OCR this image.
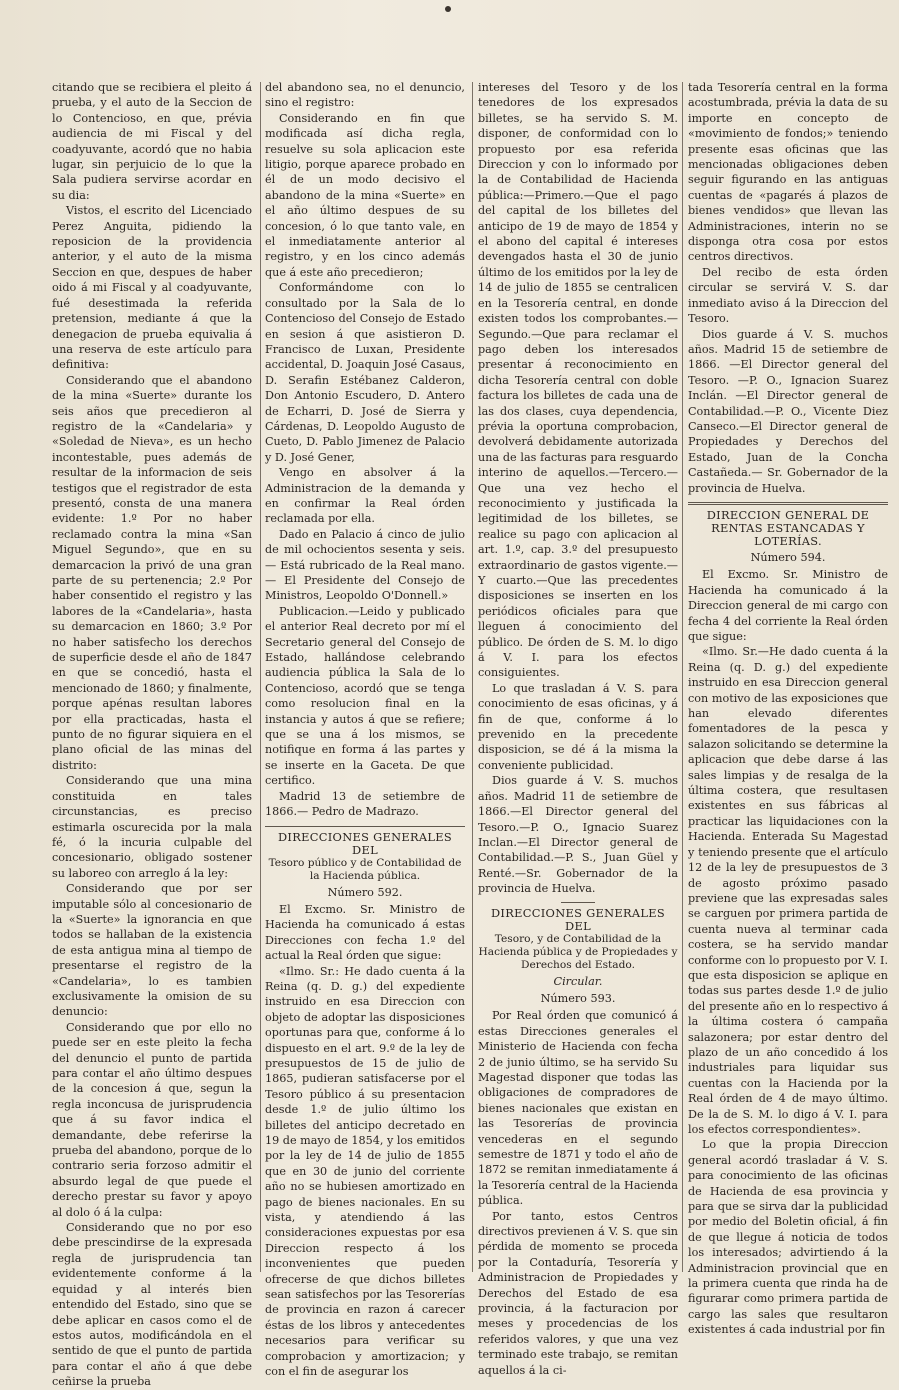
citando que se recibiera el pleito á prueba, y el auto de la Seccion de lo Contencioso, en que, prévia audiencia de mi Fiscal y del coadyuvante, acordó que no habia lugar, sin perjuicio de lo que la Sala pudiera servirse acordar en su dia:

Vistos, el escrito del Licenciado Perez Anguita, pidiendo la reposicion de la providencia anterior, y el auto de la misma Seccion en que, despues de haber oido á mi Fiscal y al coadyuvante, fué desestimada la referida pretension, mediante á que la denegacion de prueba equivalia á una reserva de este artículo para definitiva:

Considerando que el abandono de la mina «Suerte» durante los seis años que precedieron al registro de la «Candelaria» y «Soledad de Nieva», es un hecho incontestable, pues además de resultar de la informacion de seis testigos que el registrador de esta presentó, consta de una manera evidente: 1.º Por no haber reclamado contra la mina «San Miguel Segundo», que en su demarcacion la privó de una gran parte de su pertenencia; 2.º Por haber consentido el registro y las labores de la «Candelaria», hasta su demarcacion en 1860; 3.º Por no haber satisfecho los derechos de superficie desde el año de 1847 en que se concedió, hasta el mencionado de 1860; y finalmente, porque apénas resultan labores por ella practicadas, hasta el punto de no figurar siquiera en el plano oficial de las minas del distrito:

Considerando que una mina constituida en tales circunstancias, es preciso estimarla oscurecida por la mala fé, ó la incuria culpable del concesionario, obligado sostener su laboreo con arreglo á la ley:

Considerando que por ser imputable sólo al concesionario de la «Suerte» la ignorancia en que todos se hallaban de la existencia de esta antigua mina al tiempo de presentarse el registro de la «Candelaria», lo es tambien exclusivamente la omision de su denuncio:

Considerando que por ello no puede ser en este pleito la fecha del denuncio el punto de partida para contar el año último despues de la concesion á que, segun la regla inconcusa de jurisprudencia que á su favor indica el demandante, debe referirse la prueba del abandono, porque de lo contrario seria forzoso admitir el absurdo legal de que puede el derecho prestar su favor y apoyo al dolo ó á la culpa:

Considerando que no por eso debe prescindirse de la expresada regla de jurisprudencia tan evidentemente conforme á la equidad y al interés bien entendido del Estado, sino que se debe aplicar en casos como el de estos autos, modificándola en el sentido de que el punto de partida para contar el año á que debe ceñirse la prueba

del abandono sea, no el denuncio, sino el registro:

Considerando en fin que modificada así dicha regla, resuelve su sola aplicacion este litigio, porque aparece probado en él de un modo decisivo el abandono de la mina «Suerte» en el año último despues de su concesion, ó lo que tanto vale, en el inmediatamente anterior al registro, y en los cinco además que á este año precedieron;

Conformándome con lo consultado por la Sala de lo Contencioso del Consejo de Estado en sesion á que asistieron D. Francisco de Luxan, Presidente accidental, D. Joaquin José Casaus, D. Serafin Estébanez Calderon, Don Antonio Escudero, D. Antero de Echarri, D. José de Sierra y Cárdenas, D. Leopoldo Augusto de Cueto, D. Pablo Jimenez de Palacio y D. José Gener,

Vengo en absolver á la Administracion de la demanda y en confirmar la Real órden reclamada por ella.

Dado en Palacio á cinco de julio de mil ochocientos sesenta y seis.— Está rubricado de la Real mano.— El Presidente del Consejo de Ministros, Leopoldo O'Donnell.»

Publicacion.—Leido y publicado el anterior Real decreto por mí el Secretario general del Consejo de Estado, hallándose celebrando audiencia pública la Sala de lo Contencioso, acordó que se tenga como resolucion final en la instancia y autos á que se refiere; que se una á los mismos, se notifique en forma á las partes y se inserte en la Gaceta. De que certifico.

Madrid 13 de setiembre de 1866.— Pedro de Madrazo.

DIRECCIONES GENERALES DEL
Tesoro público y de Contabilidad de la Hacienda pública.
Número 592.

El Excmo. Sr. Ministro de Hacienda ha comunicado á estas Direcciones con fecha 1.º del actual la Real órden que sigue:

«Ilmo. Sr.: He dado cuenta á la Reina (q. D. g.) del expediente instruido en esa Direccion con objeto de adoptar las disposiciones oportunas para que, conforme á lo dispuesto en el art. 9.º de la ley de presupuestos de 15 de julio de 1865, pudieran satisfacerse por el Tesoro público á su presentacion desde 1.º de julio último los billetes del anticipo decretado en 19 de mayo de 1854, y los emitidos por la ley de 14 de julio de 1855 que en 30 de junio del corriente año no se hubiesen amortizado en pago de bienes nacionales. En su vista, y atendiendo á las consideraciones expuestas por esa Direccion respecto á los inconvenientes que pueden ofrecerse de que dichos billetes sean satisfechos por las Tesorerías de provincia en razon á carecer éstas de los libros y antecedentes necesarios para verificar su comprobacion y amortizacion; y con el fin de asegurar los

intereses del Tesoro y de los tenedores de los expresados billetes, se ha servido S. M. disponer, de conformidad con lo propuesto por esa referida Direccion y con lo informado por la de Contabilidad de Hacienda pública:—Primero.—Que el pago del capital de los billetes del anticipo de 19 de mayo de 1854 y el abono del capital é intereses devengados hasta el 30 de junio último de los emitidos por la ley de 14 de julio de 1855 se centralicen en la Tesorería central, en donde existen todos los comprobantes.—Segundo.—Que para reclamar el pago deben los interesados presentar á reconocimiento en dicha Tesorería central con doble factura los billetes de cada una de las dos clases, cuya dependencia, prévia la oportuna comprobacion, devolverá debidamente autorizada una de las facturas para resguardo interino de aquellos.—Tercero.—Que una vez hecho el reconocimiento y justificada la legitimidad de los billetes, se realice su pago con aplicacion al art. 1.º, cap. 3.º del presupuesto extraordinario de gastos vigente.—Y cuarto.—Que las precedentes disposiciones se inserten en los periódicos oficiales para que lleguen á conocimiento del público. De órden de S. M. lo digo á V. I. para los efectos consiguientes.

Lo que trasladan á V. S. para conocimiento de esas oficinas, y á fin de que, conforme á lo prevenido en la precedente disposicion, se dé á la misma la conveniente publicidad.

Dios guarde á V. S. muchos años. Madrid 11 de setiembre de 1866.—El Director general del Tesoro.—P. O., Ignacio Suarez Inclan.—El Director general de Contabilidad.—P. S., Juan Güel y Renté.—Sr. Gobernador de la provincia de Huelva.

DIRECCIONES GENERALES DEL
Tesoro, y de Contabilidad de la Hacienda pública y de Propiedades y Derechos del Estado.
Circular.
Número 593.

Por Real órden que comunicó á estas Direcciones generales el Ministerio de Hacienda con fecha 2 de junio último, se ha servido Su Magestad disponer que todas las obligaciones de compradores de bienes nacionales que existan en las Tesorerías de provincia vencederas en el segundo semestre de 1871 y todo el año de 1872 se remitan inmediatamente á la Tesorería central de la Hacienda pública.

Por tanto, estos Centros directivos previenen á V. S. que sin pérdida de momento se proceda por la Contaduría, Tesorería y Administracion de Propiedades y Derechos del Estado de esa provincia, á la facturacion por meses y procedencias de los referidos valores, y que una vez terminado este trabajo, se remitan aquellos á la ci-

tada Tesorería central en la forma acostumbrada, prévia la data de su importe en concepto de «movimiento de fondos;» teniendo presente esas oficinas que las mencionadas obligaciones deben seguir figurando en las antiguas cuentas de «pagarés á plazos de bienes vendidos» que llevan las Administraciones, interin no se disponga otra cosa por estos centros directivos.

Del recibo de esta órden circular se servirá V. S. dar inmediato aviso á la Direccion del Tesoro.

Dios guarde á V. S. muchos años. Madrid 15 de setiembre de 1866. —El Director general del Tesoro. —P. O., Ignacion Suarez Inclán. —El Director general de Contabilidad.—P. O., Vicente Diez Canseco.—El Director general de Propiedades y Derechos del Estado, Juan de la Concha Castañeda.— Sr. Gobernador de la provincia de Huelva.

DIRECCION GENERAL DE RENTAS ESTANCADAS Y LOTERÍAS.
Número 594.

El Excmo. Sr. Ministro de Hacienda ha comunicado á la Direccion general de mi cargo con fecha 4 del corriente la Real órden que sigue:

«Ilmo. Sr.—He dado cuenta á la Reina (q. D. g.) del expediente instruido en esa Direccion general con motivo de las exposiciones que han elevado diferentes fomentadores de la pesca y salazon solicitando se determine la aplicacion que debe darse á las sales limpias y de resalga de la última costera, que resultasen existentes en sus fábricas al practicar las liquidaciones con la Hacienda. Enterada Su Magestad y teniendo presente que el artículo 12 de la ley de presupuestos de 3 de agosto próximo pasado previene que las expresadas sales se carguen por primera partida de cuenta nueva al terminar cada costera, se ha servido mandar conforme con lo propuesto por V. I. que esta disposicion se aplique en todas sus partes desde 1.º de julio del presente año en lo respectivo á la última costera ó campaña salazonera; por estar dentro del plazo de un año concedido á los industriales para liquidar sus cuentas con la Hacienda por la Real órden de 4 de mayo último. De la de S. M. lo digo á V. I. para los efectos correspondientes».

Lo que la propia Direccion general acordó trasladar á V. S. para conocimiento de las oficinas de Hacienda de esa provincia y para que se sirva dar la publicidad por medio del Boletin oficial, á fin de que llegue á noticia de todos los interesados; advirtiendo á la Administracion provincial que en la primera cuenta que rinda ha de figurarar como primera partida de cargo las sales que resultaron existentes á cada industrial por fin
